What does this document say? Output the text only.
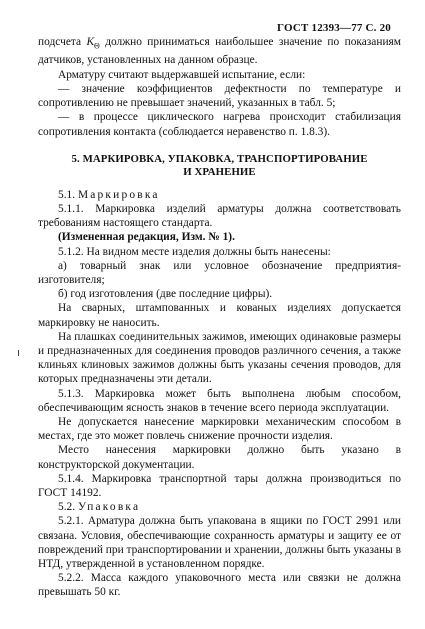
ГОСТ 12393—77 С. 20

подсчета $K_\Theta$ должно приниматься наибольшее значение по показаниям датчиков, установленных на данном образце.

Арматуру считают выдержавшей испытание, если:

— значение коэффициентов дефектности по температуре и сопротивлению не превышает значений, указанных в табл. 5;

— в процессе циклического нагрева происходит стабилизация сопротивления контакта (соблюдается неравенство п. 1.8.3).

5. МАРКИРОВКА, УПАКОВКА, ТРАНСПОРТИРОВАНИЕ
И ХРАНЕНИЕ

5.1. Маркировка

5.1.1. Маркировка изделий арматуры должна соответствовать требованиям настоящего стандарта.

(Измененная редакция, Изм. № 1).

5.1.2. На видном месте изделия должны быть нанесены:

а) товарный знак или условное обозначение предприятия-изготовителя;

б) год изготовления (две последние цифры).

На сварных, штампованных и кованых изделиях допускается маркировку не наносить.

На плашках соединительных зажимов, имеющих одинаковые размеры и предназначенных для соединения проводов различного сечения, а также клиньях клиновых зажимов должны быть указаны сечения проводов, для которых предназначены эти детали.

5.1.3. Маркировка может быть выполнена любым способом, обеспечивающим ясность знаков в течение всего периода эксплуатации.

Не допускается нанесение маркировки механическим способом в местах, где это может повлечь снижение прочности изделия.

Место нанесения маркировки должно быть указано в конструкторской документации.

5.1.4. Маркировка транспортной тары должна производиться по ГОСТ 14192.

5.2. Упаковка

5.2.1. Арматура должна быть упакована в ящики по ГОСТ 2991 или связана. Условия, обеспечивающие сохранность арматуры и защиту ее от повреждений при транспортировании и хранении, должны быть указаны в НТД, утвержденной в установленном порядке.

5.2.2. Масса каждого упаковочного места или связки не должна превышать 50 кг.
